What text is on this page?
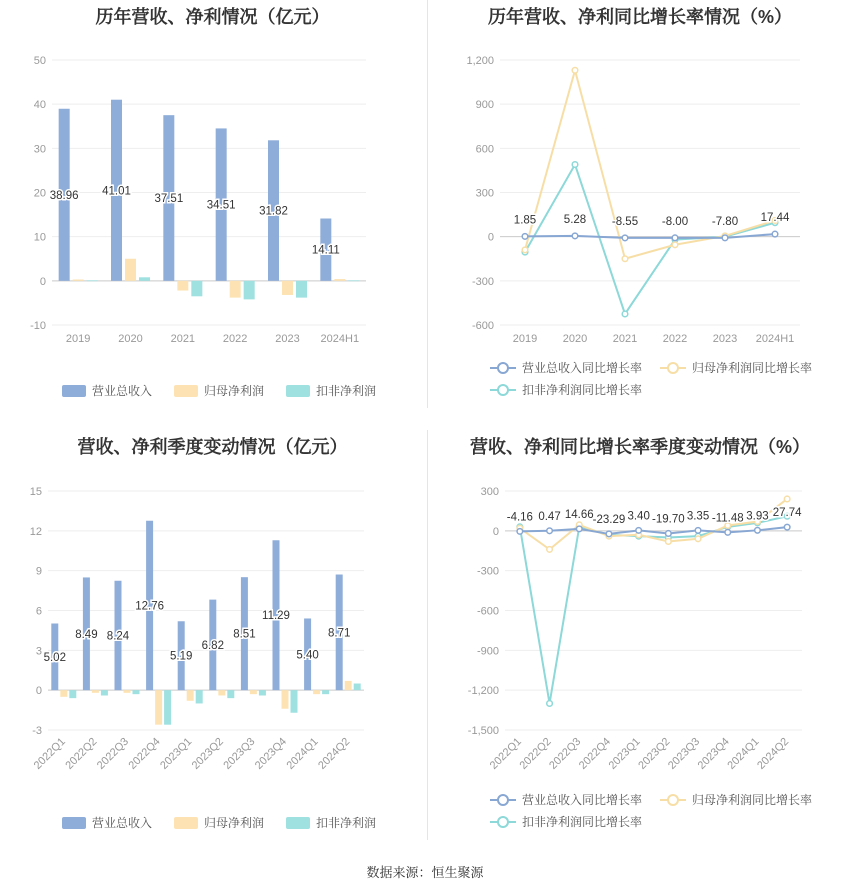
历年营收、净利情况（亿元）
-10
0
10
20
30
40
50
2019
38.96
2020
41.01
2021
37.51
2022
34.51
2023
31.82
2024H1
14.11
营业总收入	归母净利润	扣非净利润
历年营收、净利同比增长率情况（%）
-600
-300
0
300
600
900
1,200
2019 2020 2021 2022 2023 2024H1
1.85 5.28 -8.55 -8.00 -7.80 17.44
营业总收入同比增长率	归母净利润同比增长率
扣非净利润同比增长率
营收、净利季度变动情况（亿元）
-3
0
3
6
9
12
15
2022Q1
5.02
2022Q2
8.49
2022Q3
8.24
2022Q4
12.76
2023Q1
5.19
2023Q2
6.82
2023Q3
8.51
2023Q4
11.29
2024Q1
5.40
2024Q2
8.71
营业总收入	归母净利润	扣非净利润
营收、净利同比增长率季度变动情况（%）
-1,500
-1,200
-900
-600
-300
0
300
2022Q1
2022Q2
2022Q3
2022Q4
2023Q1
2023Q2
2023Q3
2023Q4
2024Q1
2024Q2
-4.16 0.47 14.66 -23.29 3.40 -19.70 3.35 -11.48 3.93 27.74
营业总收入同比增长率	归母净利润同比增长率
扣非净利润同比增长率
数据来源：恒生聚源
